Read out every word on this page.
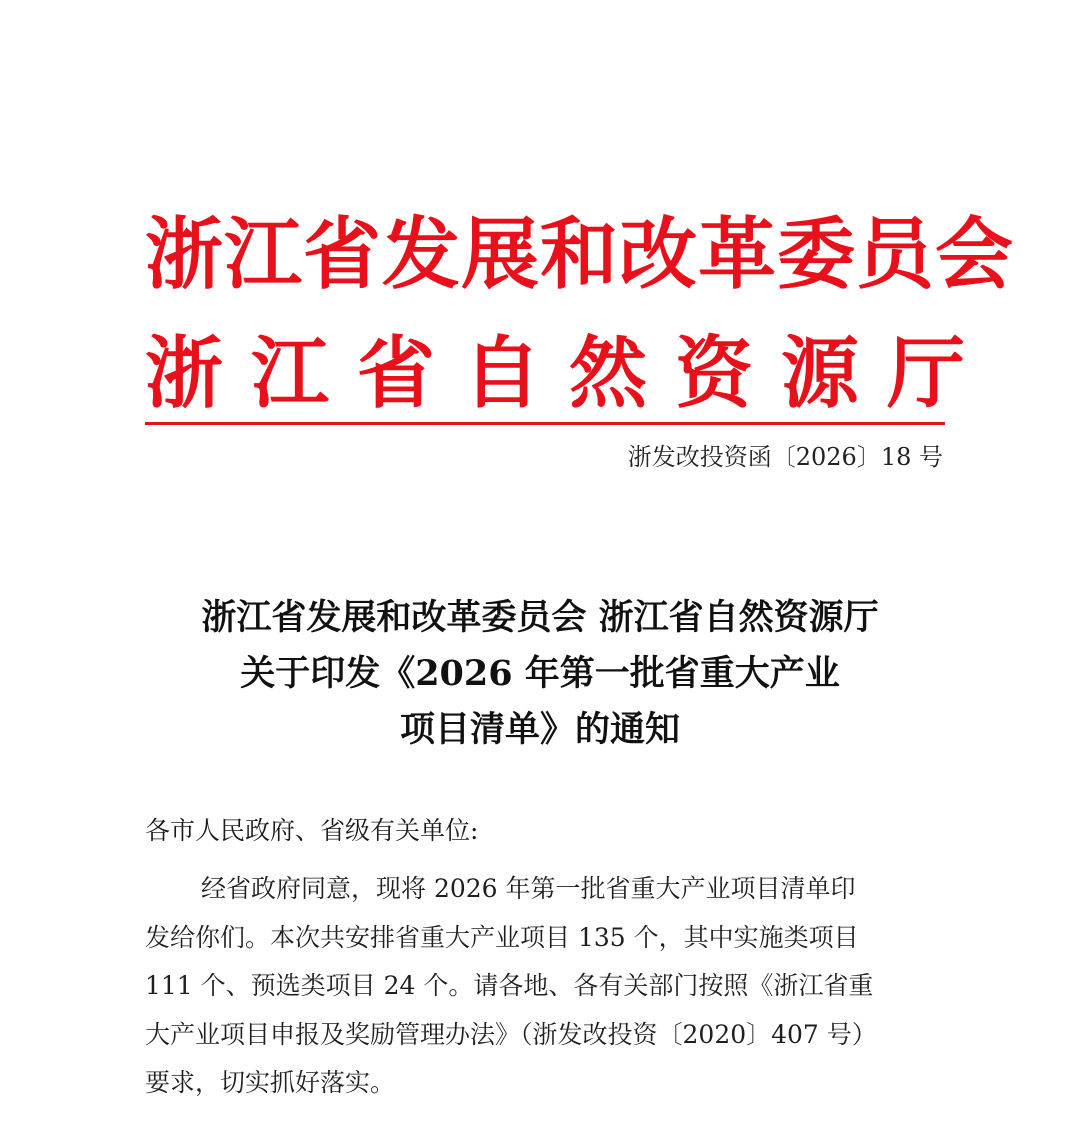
浙江省发展和改革委员会
浙江省自然资源厅
浙发改投资函〔2026〕18 号
浙江省发展和改革委员会 浙江省自然资源厅
关于印发《2026 年第一批省重大产业
项目清单》的通知
各市人民政府、省级有关单位:
经省政府同意，现将 2026 年第一批省重大产业项目清单印
发给你们。本次共安排省重大产业项目 135 个，其中实施类项目
111 个、预选类项目 24 个。请各地、各有关部门按照《浙江省重
大产业项目申报及奖励管理办法》（浙发改投资〔2020〕407 号）
要求，切实抓好落实。
